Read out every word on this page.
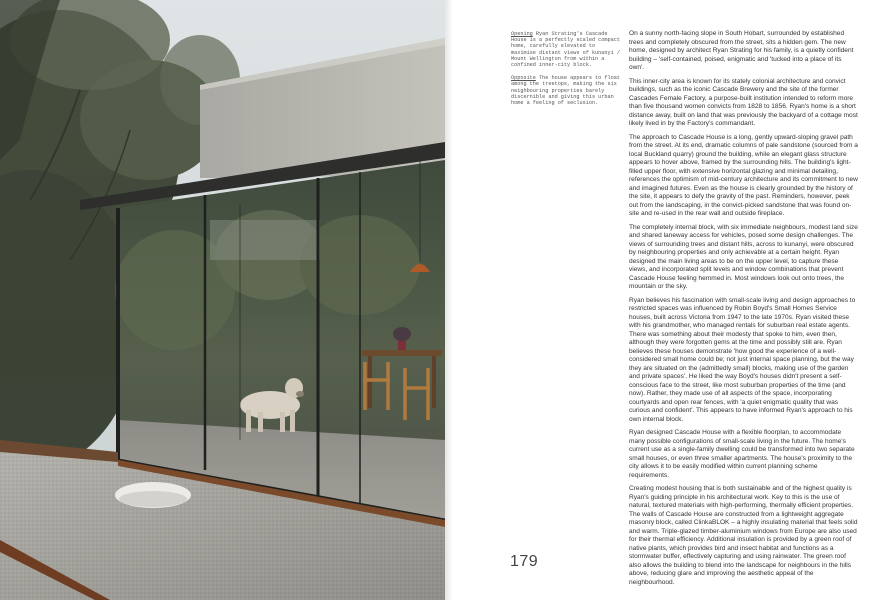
Opening Ryan Strating's Cascade House is a perfectly scaled compact home, carefully elevated to maximise distant views of kunanyi / Mount Wellington from within a confined inner-city block.

Opposite The house appears to float among the treetops, making the six neighbouring properties barely discernible and giving this urban home a feeling of seclusion.

On a sunny north-facing slope in South Hobart, surrounded by established trees and completely obscured from the street, sits a hidden gem. The new home, designed by architect Ryan Strating for his family, is a quietly confident building – 'self-contained, poised, enigmatic and 'tucked into a place of its own'.

This inner-city area is known for its stately colonial architecture and convict buildings, such as the iconic Cascade Brewery and the site of the former Cascades Female Factory, a purpose-built institution intended to reform more than five thousand women convicts from 1828 to 1856. Ryan's home is a short distance away, built on land that was previously the backyard of a cottage most likely lived in by the Factory's commandant.

The approach to Cascade House is a long, gently upward-sloping gravel path from the street. At its end, dramatic columns of pale sandstone (sourced from a local Buckland quarry) ground the building, while an elegant glass structure appears to hover above, framed by the surrounding hills. The building's light-filled upper floor, with extensive horizontal glazing and minimal detailing, references the optimism of mid-century architecture and its commitment to new and imagined futures. Even as the house is clearly grounded by the history of the site, it appears to defy the gravity of the past. Reminders, however, peek out from the landscaping, in the convict-picked sandstone that was found on-site and re-used in the rear wall and outside fireplace.

The completely internal block, with six immediate neighbours, modest land size and shared laneway access for vehicles, posed some design challenges. The views of surrounding trees and distant hills, across to kunanyi, were obscured by neighbouring properties and only achievable at a certain height. Ryan designed the main living areas to be on the upper level, to capture these views, and incorporated split levels and window combinations that prevent Cascade House feeling hemmed in. Most windows look out onto trees, the mountain or the sky.

Ryan believes his fascination with small-scale living and design approaches to restricted spaces was influenced by Robin Boyd's Small Homes Service houses, built across Victoria from 1947 to the late 1970s. Ryan visited these with his grandmother, who managed rentals for suburban real estate agents. There was something about their modesty that spoke to him, even then, although they were forgotten gems at the time and possibly still are. Ryan believes these houses demonstrate 'how good the experience of a well-considered small home could be; not just internal space planning, but the way they are situated on the (admittedly small) blocks, making use of the garden and private spaces'. He liked the way Boyd's houses didn't present a self-conscious face to the street, like most suburban properties of the time (and now). Rather, they made use of all aspects of the space, incorporating courtyards and open rear fences, with 'a quiet enigmatic quality that was curious and confident'. This appears to have informed Ryan's approach to his own internal block.

Ryan designed Cascade House with a flexible floorplan, to accommodate many possible configurations of small-scale living in the future. The home's current use as a single-family dwelling could be transformed into two separate small houses, or even three smaller apartments. The house's proximity to the city allows it to be easily modified within current planning scheme requirements.

Creating modest housing that is both sustainable and of the highest quality is Ryan's guiding principle in his architectural work. Key to this is the use of natural, textured materials with high-performing, thermally efficient properties. The walls of Cascade House are constructed from a lightweight aggregate masonry block, called ClinkaBLOK – a highly insulating material that feels solid and warm. Triple-glazed timber-aluminium windows from Europe are also used for their thermal efficiency. Additional insulation is provided by a green roof of native plants, which provides bird and insect habitat and functions as a stormwater buffer, effectively capturing and using rainwater. The green roof also allows the building to blend into the landscape for neighbours in the hills above, reducing glare and improving the aesthetic appeal of the neighbourhood.

179
